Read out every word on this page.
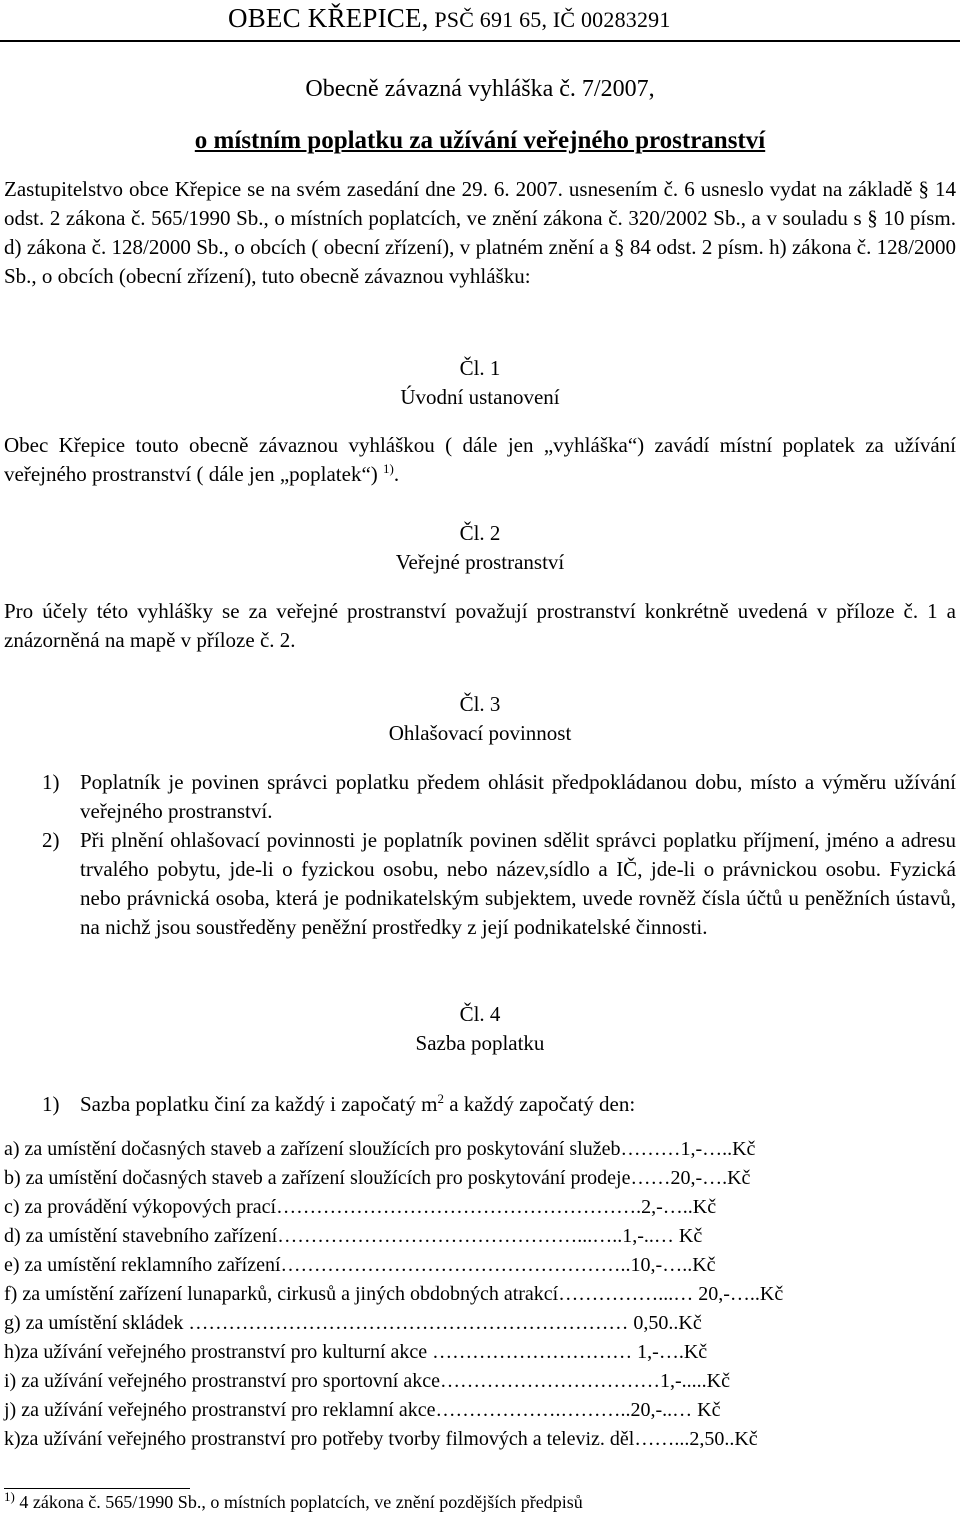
OBEC KŘEPICE, PSČ 691 65, IČ 00283291
Obecně závazná vyhláška č. 7/2007,
o místním poplatku za užívání veřejného prostranství
Zastupitelstvo obce Křepice se na svém zasedání dne 29. 6. 2007. usnesením č. 6 usneslo vydat na základě § 14 odst. 2 zákona č. 565/1990 Sb., o místních poplatcích, ve znění zákona č. 320/2002 Sb., a v souladu s § 10 písm. d) zákona č. 128/2000 Sb., o obcích ( obecní zřízení), v platném znění a § 84 odst. 2 písm. h) zákona č. 128/2000 Sb., o obcích (obecní zřízení), tuto obecně závaznou vyhlášku:
Čl. 1
Úvodní ustanovení
Obec Křepice touto obecně závaznou vyhláškou ( dále jen „vyhláška“) zavádí místní poplatek za užívání veřejného prostranství ( dále jen „poplatek“) $^{1)}$.
Čl. 2
Veřejné prostranství
Pro účely této vyhlášky se za veřejné prostranství považují prostranství konkrétně uvedená v příloze č. 1 a znázorněná na mapě v příloze č. 2.
Čl. 3
Ohlašovací povinnost
1) Poplatník je povinen správci poplatku předem ohlásit předpokládanou dobu, místo a výměru užívání veřejného prostranství.
2) Při plnění ohlašovací povinnosti je poplatník povinen sdělit správci poplatku příjmení, jméno a adresu trvalého pobytu, jde-li o fyzickou osobu, nebo název,sídlo a IČ, jde-li o právnickou osobu. Fyzická nebo právnická osoba, která je podnikatelským subjektem, uvede rovněž čísla účtů u peněžních ústavů, na nichž jsou soustředěny peněžní prostředky z její podnikatelské činnosti.
Čl. 4
Sazba poplatku
1) Sazba poplatku činí za každý i započatý $m^2$ a každý započatý den:
a) za umístění dočasných staveb a zařízení sloužících pro poskytování služeb………1,-…..Kč
b) za umístění dočasných staveb a zařízení sloužících pro poskytování prodeje……20,-….Kč
c) za provádění výkopových prací……………………………………………….2,-…..Kč
d) za umístění stavebního zařízení………………………………………...…..1,-..… Kč
e) za umístění reklamního zařízení……………………………………………..10,-…..Kč
f) za umístění zařízení lunaparků, cirkusů a jiných obdobných atrakcí……………...… 20,-…..Kč
g) za umístění skládek ………………………………………………………… 0,50..Kč
h)za užívání veřejného prostranství pro kulturní akce ………………………… 1,-….Kč
i) za užívání veřejného prostranství pro sportovní akce……………………………1,-.....Kč
j) za užívání veřejného prostranství pro reklamní akce……………….………..20,-..… Kč
k)za užívání veřejného prostranství pro potřeby tvorby filmových a televiz. děl……...2,50..Kč
$^{1)}$ 4 zákona č. 565/1990 Sb., o místních poplatcích, ve znění pozdějších předpisů
